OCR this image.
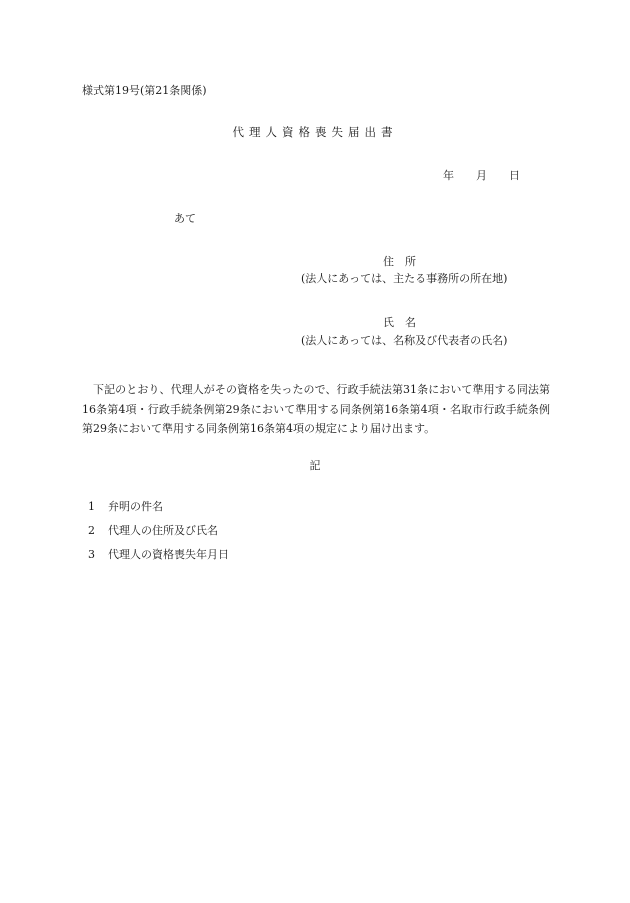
様式第19号(第21条関係)
代理人資格喪失届出書
年 月 日
あて
住 所
(法人にあっては、主たる事務所の所在地)
氏 名
(法人にあっては、名称及び代表者の氏名)
下記のとおり、代理人がその資格を失ったので、行政手続法第31条において準用する同法第16条第4項・行政手続条例第29条において準用する同条例第16条第4項・名取市行政手続条例第29条において準用する同条例第16条第4項の規定により届け出ます。
記
1 弁明の件名
2 代理人の住所及び氏名
3 代理人の資格喪失年月日
